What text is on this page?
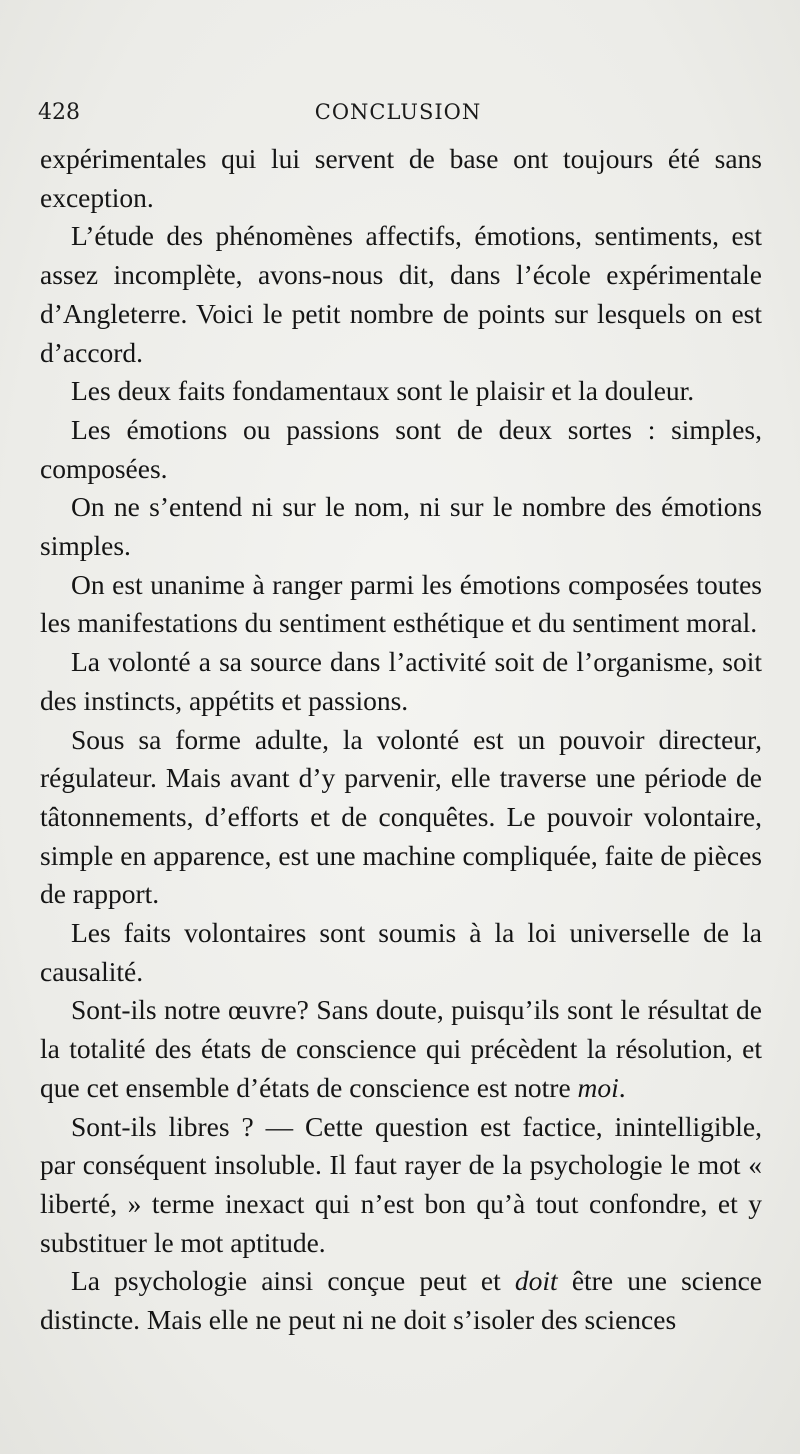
428	CONCLUSION

expérimentales qui lui servent de base ont toujours été sans exception.

L’étude des phénomènes affectifs, émotions, sentiments, est assez incomplète, avons-nous dit, dans l’école expérimentale d’Angleterre. Voici le petit nombre de points sur lesquels on est d’accord.

Les deux faits fondamentaux sont le plaisir et la douleur.

Les émotions ou passions sont de deux sortes : simples, composées.

On ne s’entend ni sur le nom, ni sur le nombre des émotions simples.

On est unanime à ranger parmi les émotions composées toutes les manifestations du sentiment esthétique et du sentiment moral.

La volonté a sa source dans l’activité soit de l’organisme, soit des instincts, appétits et passions.

Sous sa forme adulte, la volonté est un pouvoir directeur, régulateur. Mais avant d’y parvenir, elle traverse une période de tâtonnements, d’efforts et de conquêtes. Le pouvoir volontaire, simple en apparence, est une machine compliquée, faite de pièces de rapport.

Les faits volontaires sont soumis à la loi universelle de la causalité.

Sont-ils notre œuvre? Sans doute, puisqu’ils sont le résultat de la totalité des états de conscience qui précèdent la résolution, et que cet ensemble d’états de conscience est notre moi.

Sont-ils libres ? — Cette question est factice, inintelligible, par conséquent insoluble. Il faut rayer de la psychologie le mot « liberté, » terme inexact qui n’est bon qu’à tout confondre, et y substituer le mot aptitude.

La psychologie ainsi conçue peut et doit être une science distincte. Mais elle ne peut ni ne doit s’isoler des sciences
